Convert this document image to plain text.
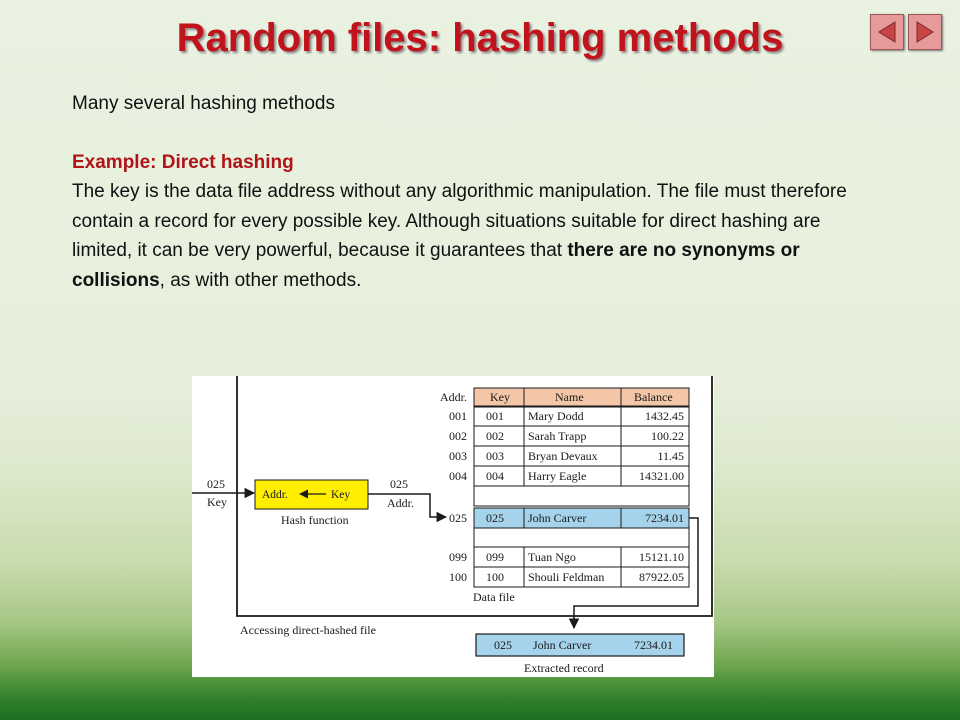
Random files: hashing methods

Many several hashing methods

Example: Direct hashing

The key is the data file address without any algorithmic manipulation. The file must therefore contain a record for every possible key. Although situations suitable for direct hashing are limited, it can be very powerful, because it guarantees that there are no synonyms or collisions, as with other methods.

025
Key	Addr.	Key
Hash function
025
Addr.
Addr. Key	Name	Balance
001 001 Mary Dodd	1432.45
002 002 Sarah Trapp	100.22
003 003 Bryan Devaux	11.45
004 004 Harry Eagle	14321.00
025 025 John Carver	7234.01
099 099 Tuan Ngo	15121.10
100 100 Shouli Feldman	87922.05
Data file
Accessing direct-hashed file
025 John Carver	7234.01
Extracted record
